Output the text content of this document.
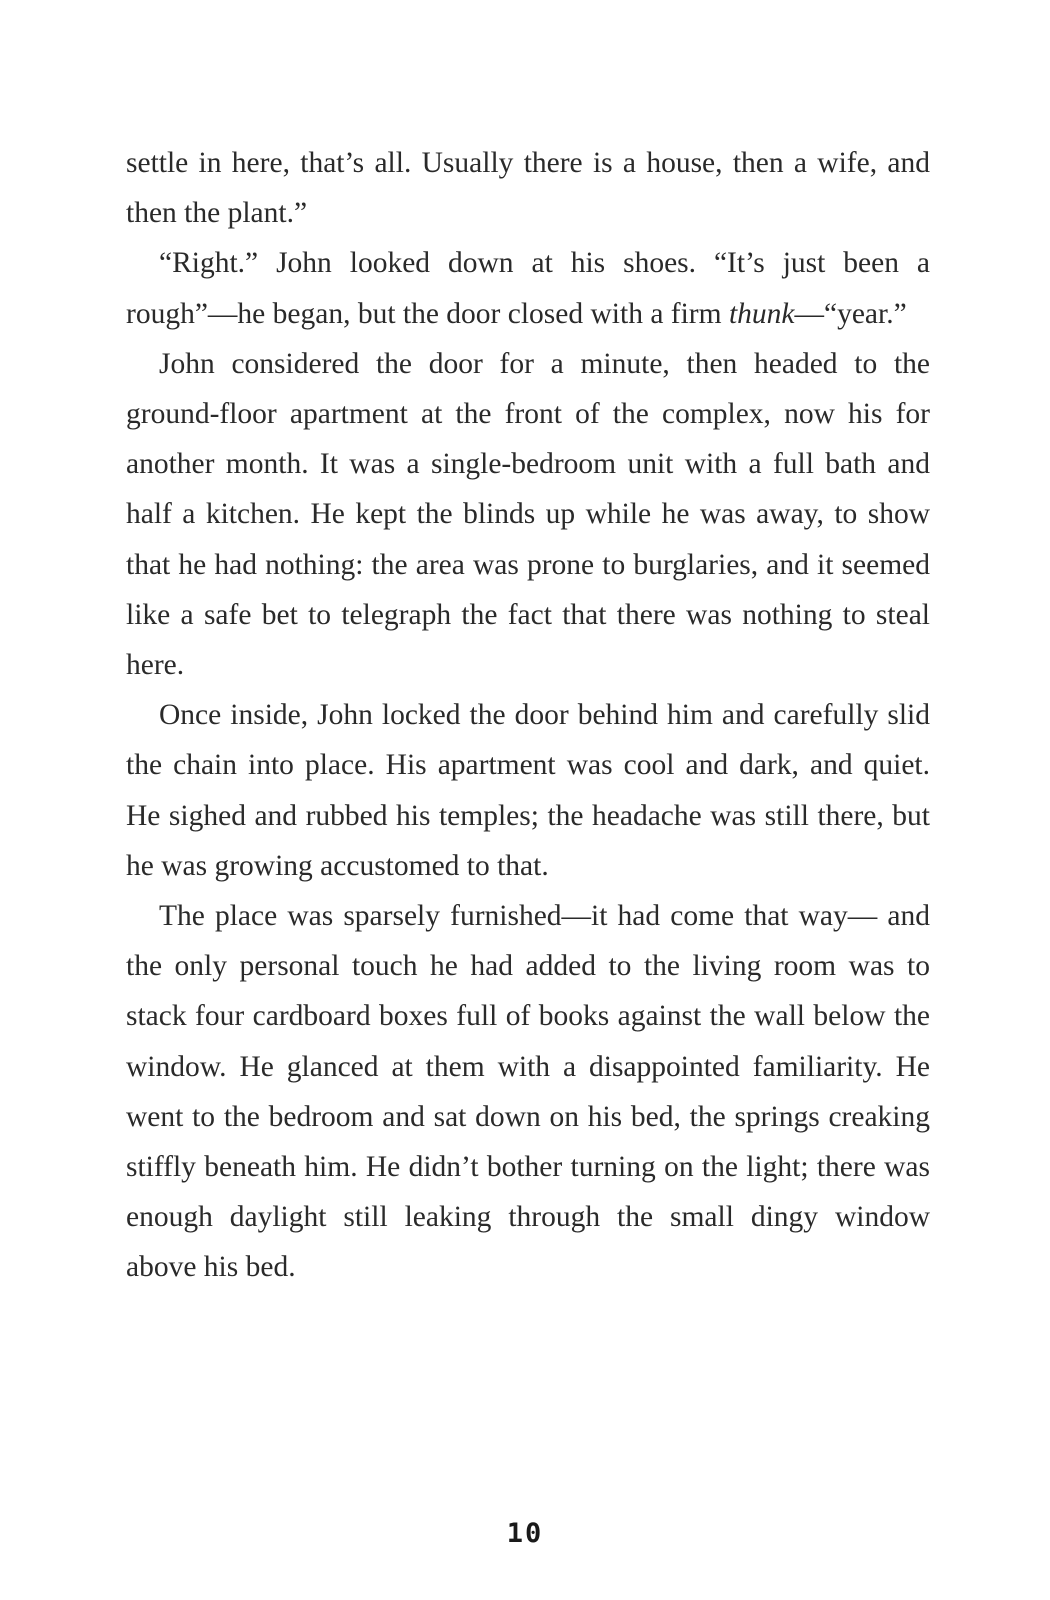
settle in here, that’s all. Usually there is a house, then a wife, and then the plant.”

“Right.” John looked down at his shoes. “It’s just been a rough”—he began, but the door closed with a firm thunk—“year.”

John considered the door for a minute, then headed to the ground-floor apartment at the front of the complex, now his for another month. It was a single-bedroom unit with a full bath and half a kitchen. He kept the blinds up while he was away, to show that he had nothing: the area was prone to burglaries, and it seemed like a safe bet to telegraph the fact that there was nothing to steal here.

Once inside, John locked the door behind him and carefully slid the chain into place. His apartment was cool and dark, and quiet. He sighed and rubbed his temples; the headache was still there, but he was growing accustomed to that.

The place was sparsely furnished—it had come that way— and the only personal touch he had added to the living room was to stack four cardboard boxes full of books against the wall below the window. He glanced at them with a disappointed familiarity. He went to the bedroom and sat down on his bed, the springs creaking stiffly beneath him. He didn’t bother turning on the light; there was enough daylight still leaking through the small dingy window above his bed.

10
